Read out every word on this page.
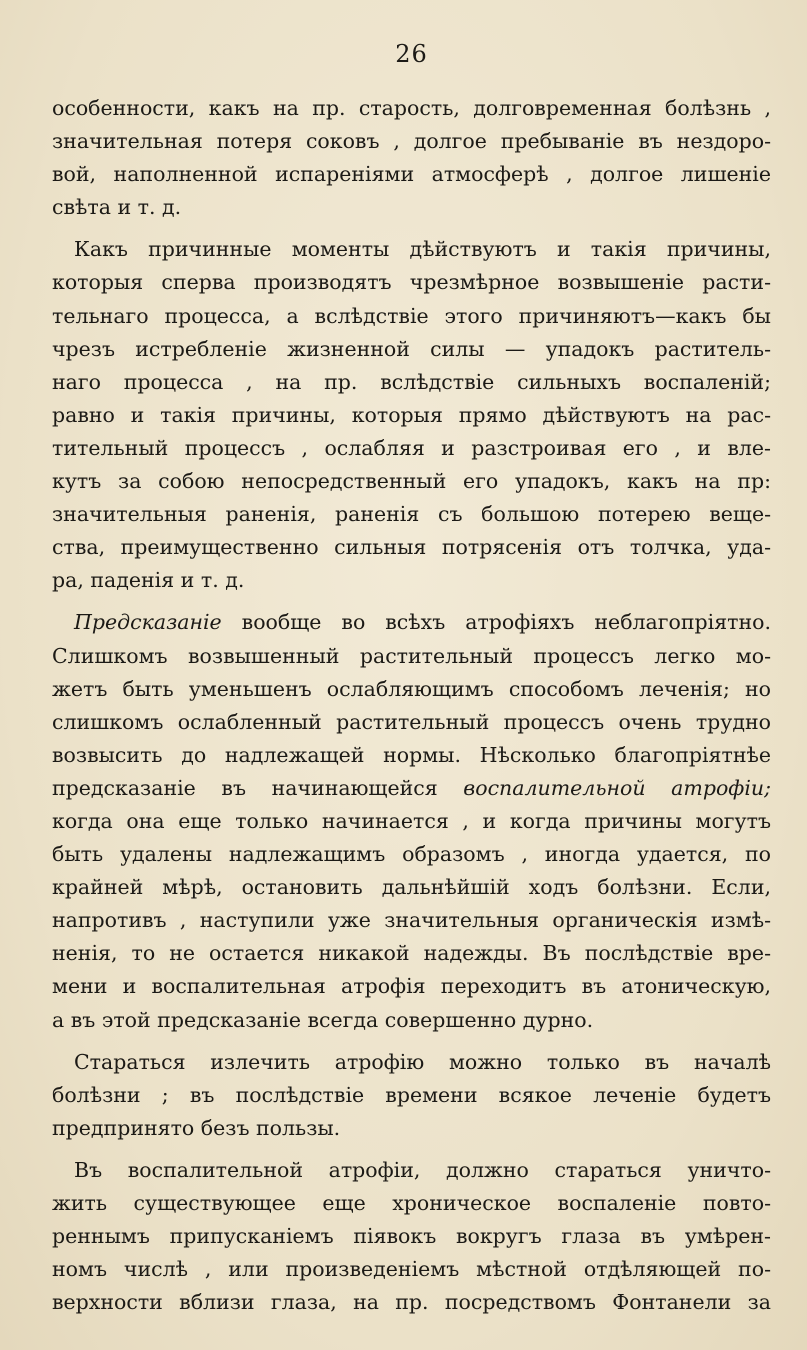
26
особенности, какъ на пр. старость, долговременная болѣзнь ,
значительная потеря соковъ , долгое пребываніе въ нездоро-
вой, наполненной испареніями атмосферѣ , долгое лишеніе
свѣта и т. д.
Какъ причинные моменты дѣйствуютъ и такія причины,
которыя сперва производятъ чрезмѣрное возвышеніе расти-
тельнаго процесса, а вслѣдствіе этого причиняютъ—какъ бы
чрезъ истребленіе жизненной силы — упадокъ раститель-
наго процесса , на пр. вслѣдствіе сильныхъ воспаленій;
равно и такія причины, которыя прямо дѣйствуютъ на рас-
тительный процессъ , ослабляя и разстроивая его , и вле-
кутъ за собою непосредственный его упадокъ, какъ на пр:
значительныя раненія, раненія съ большою потерею веще-
ства, преимущественно сильныя потрясенія отъ толчка, уда-
ра, паденія и т. д.
Предсказаніе вообще во всѣхъ атрофіяхъ неблагопріятно.
Слишкомъ возвышенный растительный процессъ легко мо-
жетъ быть уменьшенъ ослабляющимъ способомъ леченія; но
слишкомъ ослабленный растительный процессъ очень трудно
возвысить до надлежащей нормы. Нѣсколько благопріятнѣе
предсказаніе въ начинающейся воспалительной атрофіи;
когда она еще только начинается , и когда причины могутъ
быть удалены надлежащимъ образомъ , иногда удается, по
крайней мѣрѣ, остановить дальнѣйшій ходъ болѣзни. Если,
напротивъ , наступили уже значительныя органическія измѣ-
ненія, то не остается никакой надежды. Въ послѣдствіе вре-
мени и воспалительная атрофія переходитъ въ атоническую,
а въ этой предсказаніе всегда совершенно дурно.
Стараться излечить атрофію можно только въ началѣ
болѣзни ; въ послѣдствіе времени всякое леченіе будетъ
предпринято безъ пользы.
Въ воспалительной атрофіи, должно стараться уничто-
жить существующее еще хроническое воспаленіе повто-
реннымъ припусканіемъ піявокъ вокругъ глаза въ умѣрен-
номъ числѣ , или произведеніемъ мѣстной отдѣляющей по-
верхности вблизи глаза, на пр. посредствомъ Фонтанели за
